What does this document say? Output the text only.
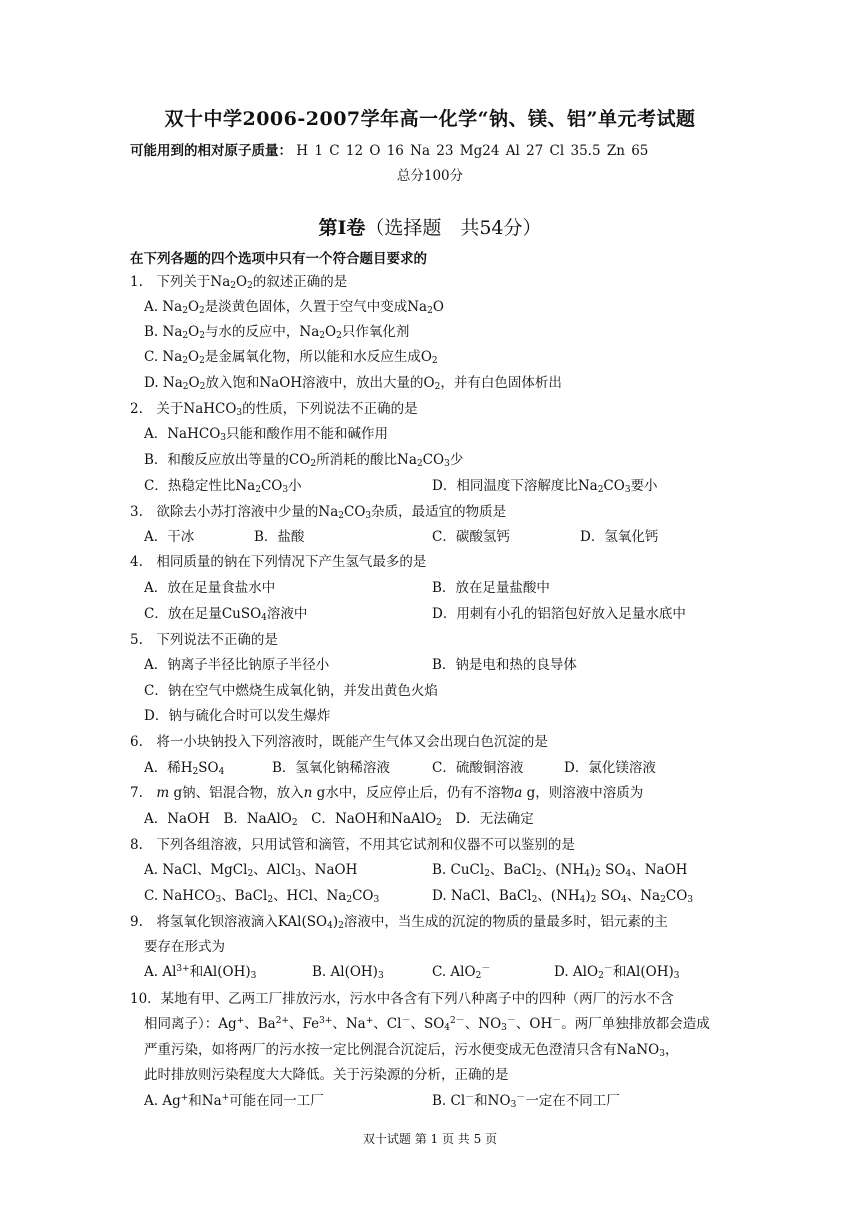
双十中学2006-2007学年高一化学“钠、镁、铝”单元考试题
可能用到的相对原子质量： H 1 C 12 O 16 Na 23 Mg24 Al 27 Cl 35.5 Zn 65
总分100分
第Ⅰ卷（选择题　共54分）
在下列各题的四个选项中只有一个符合题目要求的
1.　下列关于$Na_2O_2$的叙述正确的是
A. $Na_2O_2$是淡黄色固体，久置于空气中变成$Na_2O$
B. $Na_2O_2$与水的反应中，$Na_2O_2$只作氧化剂
C. $Na_2O_2$是金属氧化物，所以能和水反应生成$O_2$
D. $Na_2O_2$放入饱和NaOH溶液中，放出大量的$O_2$，并有白色固体析出
2.　关于NaHCO$_3$的性质，下列说法不正确的是
A．NaHCO$_3$只能和酸作用不能和碱作用
B．和酸反应放出等量的$CO_2$所消耗的酸比$Na_2CO_3$少
C．热稳定性比$Na_2CO_3$小	D．相同温度下溶解度比$Na_2CO_3$要小
3.　欲除去小苏打溶液中少量的$Na_2CO_3$杂质，最适宜的物质是
A．干冰	B．盐酸	C．碳酸氢钙	D．氢氧化钙
4.　相同质量的钠在下列情况下产生氢气最多的是
A．放在足量食盐水中	B．放在足量盐酸中
C．放在足量CuSO$_4$溶液中	D．用刺有小孔的铝箔包好放入足量水底中
5.　下列说法不正确的是
A．钠离子半径比钠原子半径小	B．钠是电和热的良导体
C．钠在空气中燃烧生成氧化钠，并发出黄色火焰
D．钠与硫化合时可以发生爆炸
6.　将一小块钠投入下列溶液时，既能产生气体又会出现白色沉淀的是
A．稀$H_2SO_4$	B．氢氧化钠稀溶液	C．硫酸铜溶液	D．氯化镁溶液
7.　m g钠、铝混合物，放入n g水中，反应停止后，仍有不溶物a g，则溶液中溶质为
A．NaOH　B．NaAlO$_2$　C．NaOH和NaAlO$_2$　D．无法确定
8.　下列各组溶液，只用试管和滴管，不用其它试剂和仪器不可以鉴别的是
A. NaCl、MgCl$_2$、AlCl$_3$、NaOH	B. CuCl$_2$、BaCl$_2$、$(NH_4)_2$ $SO_4$、NaOH
C. NaHCO$_3$、BaCl$_2$、HCl、$Na_2CO_3$	D. NaCl、BaCl$_2$、$(NH_4)_2$ $SO_4$、$Na_2CO_3$
9.　将氢氧化钡溶液滴入$KAl(SO_4)_2$溶液中，当生成的沉淀的物质的量最多时，铝元素的主
要存在形式为
A. $Al^{3+}$和$Al(OH)_3$	B. $Al(OH)_3$	C. AlO$_2$－	D. AlO$_2$－和$Al(OH)_3$
10．某地有甲、乙两工厂排放污水，污水中各含有下列八种离子中的四种（两厂的污水不含
相同离子）：Ag+、$Ba^{2+}$、$Fe^{3+}$、Na+、Cl－、$SO_4^{2-}$、$NO_3^-$、OH－。两厂单独排放都会造成
严重污染，如将两厂的污水按一定比例混合沉淀后，污水便变成无色澄清只含有NaNO$_3$，
此时排放则污染程度大大降低。关于污染源的分析，正确的是
A. Ag+和Na+可能在同一工厂	B. Cl－和$NO_3^-$一定在不同工厂
双十试题 第 1 页 共 5 页
